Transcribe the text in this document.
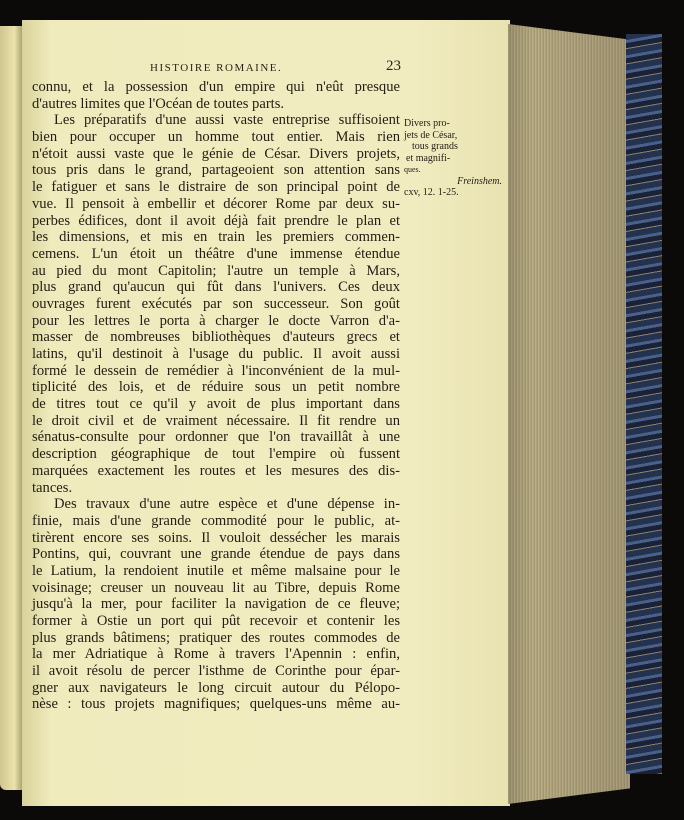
HISTOIRE ROMAINE.	23
connu, et la possession d'un empire qui n'eût presque
d'autres limites que l'Océan de toutes parts.
Les préparatifs d'une aussi vaste entreprise suffisoient
bien pour occuper un homme tout entier. Mais rien
n'étoit aussi vaste que le génie de César. Divers projets,
tous pris dans le grand, partageoient son attention sans
le fatiguer et sans le distraire de son principal point de
vue. Il pensoit à embellir et décorer Rome par deux su-
perbes édifices, dont il avoit déjà fait prendre le plan et
les dimensions, et mis en train les premiers commen-
cemens. L'un étoit un théâtre d'une immense étendue
au pied du mont Capitolin; l'autre un temple à Mars,
plus grand qu'aucun qui fût dans l'univers. Ces deux
ouvrages furent exécutés par son successeur. Son goût
pour les lettres le porta à charger le docte Varron d'a-
masser de nombreuses bibliothèques d'auteurs grecs et
latins, qu'il destinoit à l'usage du public. Il avoit aussi
formé le dessein de remédier à l'inconvénient de la mul-
tiplicité des lois, et de réduire sous un petit nombre
de titres tout ce qu'il y avoit de plus important dans
le droit civil et de vraiment nécessaire. Il fit rendre un
sénatus-consulte pour ordonner que l'on travaillât à une
description géographique de tout l'empire où fussent
marquées exactement les routes et les mesures des dis-
tances.
Des travaux d'une autre espèce et d'une dépense in-
finie, mais d'une grande commodité pour le public, at-
tirèrent encore ses soins. Il vouloit dessécher les marais
Pontins, qui, couvrant une grande étendue de pays dans
le Latium, la rendoient inutile et même malsaine pour le
voisinage; creuser un nouveau lit au Tibre, depuis Rome
jusqu'à la mer, pour faciliter la navigation de ce fleuve;
former à Ostie un port qui pût recevoir et contenir les
plus grands bâtimens; pratiquer des routes commodes de
la mer Adriatique à Rome à travers l'Apennin : enfin,
il avoit résolu de percer l'isthme de Corinthe pour épar-
gner aux navigateurs le long circuit autour du Pélopo-
nèse : tous projets magnifiques; quelques-uns même au-
Divers pro-
jets de César,
tous grands
et magnifi-
ques.
Freinshem.
cxv, 12. 1-25.
